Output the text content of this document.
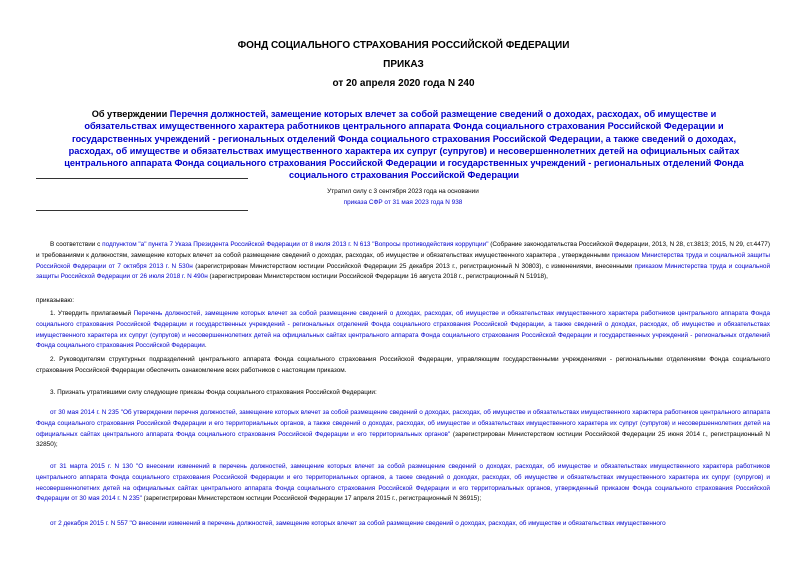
ФОНД СОЦИАЛЬНОГО СТРАХОВАНИЯ РОССИЙСКОЙ ФЕДЕРАЦИИ
ПРИКАЗ
от 20 апреля 2020 года N 240
Об утверждении Перечня должностей, замещение которых влечет за собой размещение сведений о доходах, расходах, об имуществе и обязательствах имущественного характера работников центрального аппарата Фонда социального страхования Российской Федерации и государственных учреждений - региональных отделений Фонда социального страхования Российской Федерации, а также сведений о доходах, расходах, об имуществе и обязательствах имущественного характера их супруг (супругов) и несовершеннолетних детей на официальных сайтах центрального аппарата Фонда социального страхования Российской Федерации и государственных учреждений - региональных отделений Фонда социального страхования Российской Федерации
Утратил силу с 3 сентября 2023 года на основании
приказа СФР от 31 мая 2023 года N 938
В соответствии с подпунктом "а" пункта 7 Указа Президента Российской Федерации от 8 июля 2013 г. N 613 "Вопросы противодействия коррупции" (Собрание законодательства Российской Федерации, 2013, N 28, ст.3813; 2015, N 29, ст.4477) и требованиями к должностям, замещение которых влечет за собой размещение сведений о доходах, расходах, об имуществе и обязательствах имущественного характера , утвержденными приказом Министерства труда и социальной защиты Российской Федерации от 7 октября 2013 г. N 530н (зарегистрирован Министерством юстиции Российской Федерации 25 декабря 2013 г., регистрационный N 30803), с изменениями, внесенными приказом Министерства труда и социальной защиты Российской Федерации от 26 июля 2018 г. N 490н (зарегистрирован Министерством юстиции Российской Федерации 16 августа 2018 г., регистрационный N 51918),
приказываю:
1. Утвердить прилагаемый Перечень должностей, замещение которых влечет за собой размещение сведений о доходах, расходах, об имуществе и обязательствах имущественного характера работников центрального аппарата Фонда социального страхования Российской Федерации и государственных учреждений - региональных отделений Фонда социального страхования Российской Федерации, а также сведений о доходах, расходах, об имуществе и обязательствах имущественного характера их супруг (супругов) и несовершеннолетних детей на официальных сайтах центрального аппарата Фонда социального страхования Российской Федерации и государственных учреждений - региональных отделений Фонда социального страхования Российской Федерации.
2. Руководителям структурных подразделений центрального аппарата Фонда социального страхования Российской Федерации, управляющим государственными учреждениями - региональными отделениями Фонда социального страхования Российской Федерации обеспечить ознакомление всех работников с настоящим приказом.
3. Признать утратившими силу следующие приказы Фонда социального страхования Российской Федерации:
от 30 мая 2014 г. N 235 "Об утверждении перечня должностей, замещение которых влечет за собой размещение сведений о доходах, расходах, об имуществе и обязательствах имущественного характера работников центрального аппарата Фонда социального страхования Российской Федерации и его территориальных органов, а также сведений о доходах, расходах, об имуществе и обязательствах имущественного характера их супруг (супругов) и несовершеннолетних детей на официальных сайтах центрального аппарата Фонда социального страхования Российской Федерации и его территориальных органов" (зарегистрирован Министерством юстиции Российской Федерации 25 июня 2014 г., регистрационный N 32850);
от 31 марта 2015 г. N 130 "О внесении изменений в перечень должностей, замещение которых влечет за собой размещение сведений о доходах, расходах, об имуществе и обязательствах имущественного характера работников центрального аппарата Фонда социального страхования Российской Федерации и его территориальных органов, а также сведений о доходах, расходах, об имуществе и обязательствах имущественного характера их супруг (супругов) и несовершеннолетних детей на официальных сайтах центрального аппарата Фонда социального страхования Российской Федерации и его территориальных органов, утвержденный приказом Фонда социального страхования Российской Федерации от 30 мая 2014 г. N 235" (зарегистрирован Министерством юстиции Российской Федерации 17 апреля 2015 г., регистрационный N 36915);
от 2 декабря 2015 г. N 557 "О внесении изменений в перечень должностей, замещение которых влечет за собой размещение сведений о доходах, расходах, об имуществе и обязательствах имущественного
